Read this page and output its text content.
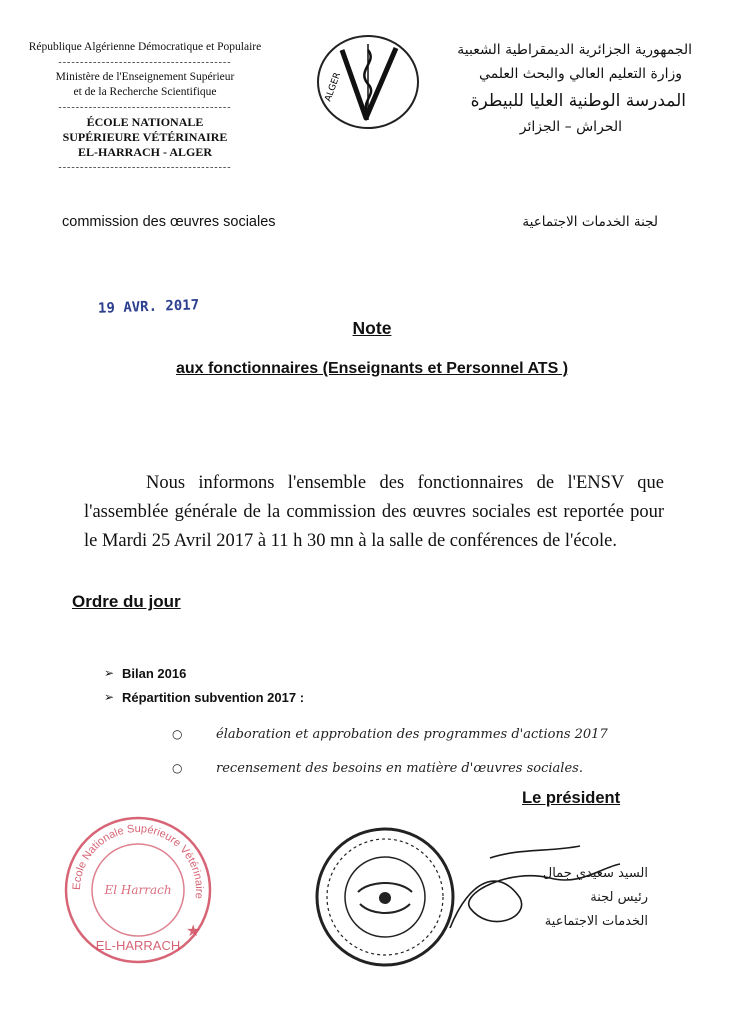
République Algérienne Démocratique et Populaire
----------------------------------------
Ministère de l'Enseignement Supérieur
et de la Recherche Scientifique
----------------------------------------
ÉCOLE NATIONALE
SUPÉRIEURE VÉTÉRINAIRE
EL-HARRACH - ALGER
----------------------------------------
ALGER
الجمهورية الجزائرية الديمقراطية الشعبية
وزارة التعليم العالي والبحث العلمي
المدرسة الوطنية العليا للبيطرة
الحراش – الجزائر
commission des œuvres sociales	لجنة الخدمات الاجتماعية
19 AVR. 2017
Note
aux fonctionnaires (Enseignants et Personnel ATS )
Nous informons l'ensemble des fonctionnaires de l'ENSV que l'assemblée générale de la commission des œuvres sociales est reportée pour le Mardi 25 Avril 2017 à 11 h 30 mn à la salle de conférences de l'école.
Ordre du jour
➢ Bilan 2016
➢ Répartition subvention 2017 :
○	élaboration et approbation des programmes d'actions 2017
○	recensement des besoins en matière d'œuvres sociales.
Le président
Ecole Nationale Supérieure Vétérinaire
El Harrach
EL-HARRACH
★
السيد سعيدي جمال
رئيس لجنة
الخدمات الاجتماعية
